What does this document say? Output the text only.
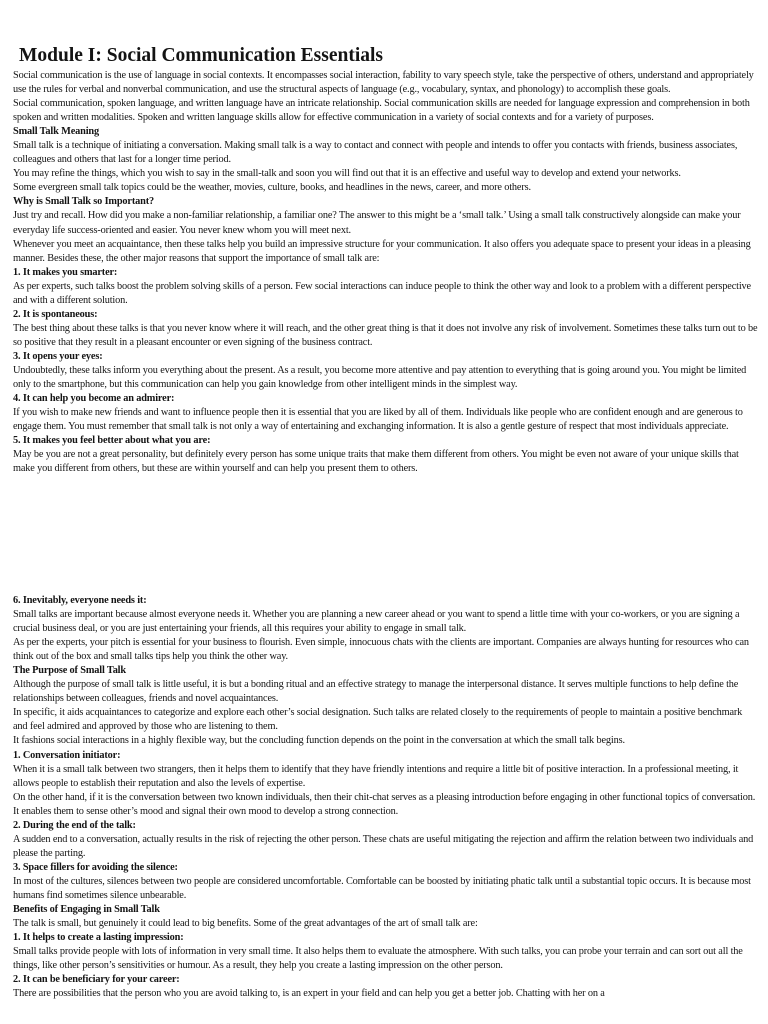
Module I: Social Communication Essentials
Social communication is the use of language in social contexts. It encompasses social interaction, fability to vary speech style, take the perspective of others, understand and appropriately use the rules for verbal and nonverbal communication, and use the structural aspects of language (e.g., vocabulary, syntax, and phonology) to accomplish these goals.
Social communication, spoken language, and written language have an intricate relationship. Social communication skills are needed for language expression and comprehension in both spoken and written modalities. Spoken and written language skills allow for effective communication in a variety of social contexts and for a variety of purposes.
Small Talk Meaning
Small talk is a technique of initiating a conversation. Making small talk is a way to contact and connect with people and intends to offer you contacts with friends, business associates, colleagues and others that last for a longer time period.
You may refine the things, which you wish to say in the small-talk and soon you will find out that it is an effective and useful way to develop and extend your networks.
Some evergreen small talk topics could be the weather, movies, culture, books, and headlines in the news, career, and more others.
Why is Small Talk so Important?
Just try and recall. How did you make a non-familiar relationship, a familiar one? The answer to this might be a ‘small talk.’ Using a small talk constructively alongside can make your everyday life success-oriented and easier. You never knew whom you will meet next.
Whenever you meet an acquaintance, then these talks help you build an impressive structure for your communication. It also offers you adequate space to present your ideas in a pleasing manner. Besides these, the other major reasons that support the importance of small talk are:
1. It makes you smarter:
As per experts, such talks boost the problem solving skills of a person. Few social interactions can induce people to think the other way and look to a problem with a different perspective and with a different solution.
2. It is spontaneous:
The best thing about these talks is that you never know where it will reach, and the other great thing is that it does not involve any risk of involvement. Sometimes these talks turn out to be so positive that they result in a pleasant encounter or even signing of the business contract.
3. It opens your eyes:
Undoubtedly, these talks inform you everything about the present. As a result, you become more attentive and pay attention to everything that is going around you. You might be limited only to the smartphone, but this communication can help you gain knowledge from other intelligent minds in the simplest way.
4. It can help you become an admirer:
If you wish to make new friends and want to influence people then it is essential that you are liked by all of them. Individuals like people who are confident enough and are generous to engage them. You must remember that small talk is not only a way of entertaining and exchanging information. It is also a gentle gesture of respect that most individuals appreciate.
5. It makes you feel better about what you are:
May be you are not a great personality, but definitely every person has some unique traits that make them different from others. You might be even not aware of your unique skills that make you different from others, but these are within yourself and can help you present them to others.
6. Inevitably, everyone needs it:
Small talks are important because almost everyone needs it. Whether you are planning a new career ahead or you want to spend a little time with your co-workers, or you are signing a crucial business deal, or you are just entertaining your friends, all this requires your ability to engage in small talk.
As per the experts, your pitch is essential for your business to flourish. Even simple, innocuous chats with the clients are important. Companies are always hunting for resources who can think out of the box and small talks tips help you think the other way.
The Purpose of Small Talk
Although the purpose of small talk is little useful, it is but a bonding ritual and an effective strategy to manage the interpersonal distance. It serves multiple functions to help define the relationships between colleagues, friends and novel acquaintances.
In specific, it aids acquaintances to categorize and explore each other’s social designation. Such talks are related closely to the requirements of people to maintain a positive benchmark and feel admired and approved by those who are listening to them.
It fashions social interactions in a highly flexible way, but the concluding function depends on the point in the conversation at which the small talk begins.
1. Conversation initiator:
When it is a small talk between two strangers, then it helps them to identify that they have friendly intentions and require a little bit of positive interaction. In a professional meeting, it allows people to establish their reputation and also the levels of expertise.
On the other hand, if it is the conversation between two known individuals, then their chit-chat serves as a pleasing introduction before engaging in other functional topics of conversation. It enables them to sense other’s mood and signal their own mood to develop a strong connection.
2. During the end of the talk:
A sudden end to a conversation, actually results in the risk of rejecting the other person. These chats are useful mitigating the rejection and affirm the relation between two individuals and please the parting.
3. Space fillers for avoiding the silence:
In most of the cultures, silences between two people are considered uncomfortable. Comfortable can be boosted by initiating phatic talk until a substantial topic occurs. It is because most humans find sometimes silence unbearable.
Benefits of Engaging in Small Talk
The talk is small, but genuinely it could lead to big benefits. Some of the great advantages of the art of small talk are:
1. It helps to create a lasting impression:
Small talks provide people with lots of information in very small time. It also helps them to evaluate the atmosphere. With such talks, you can probe your terrain and can sort out all the things, like other person’s sensitivities or humour. As a result, they help you create a lasting impression on the other person.
2. It can be beneficiary for your career:
There are possibilities that the person who you are avoid talking to, is an expert in your field and can help you get a better job. Chatting with her on a
